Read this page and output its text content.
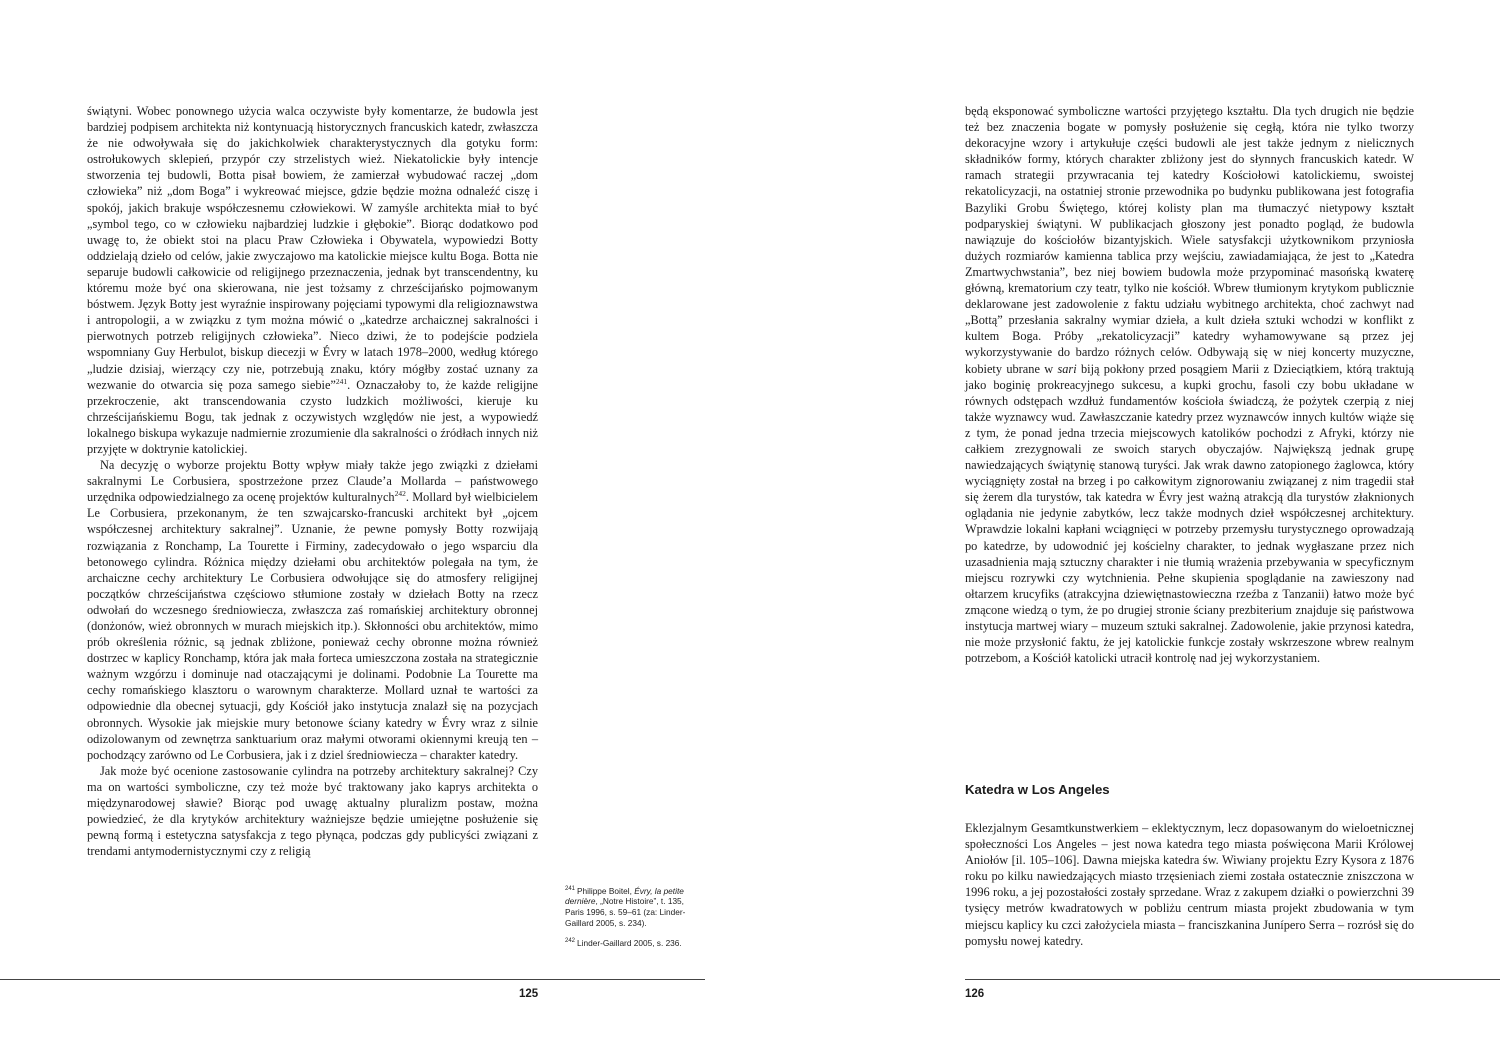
świątyni. Wobec ponownego użycia walca oczywiste były komentarze, że budowla jest bardziej podpisem architekta niż kontynuacją historycznych francuskich katedr, zwłaszcza że nie odwoływała się do jakichkolwiek charakterystycznych dla gotyku form: ostrołukowych sklepień, przypór czy strzelistych wież. Niekatolickie były intencje stworzenia tej budowli, Botta pisał bowiem, że zamierzał wybudować raczej „dom człowieka” niż „dom Boga” i wykreować miejsce, gdzie będzie można odnaleźć ciszę i spokój, jakich brakuje współczesnemu człowiekowi. W zamyśle architekta miał to być „symbol tego, co w człowieku najbardziej ludzkie i głębokie”. Biorąc dodatkowo pod uwagę to, że obiekt stoi na placu Praw Człowieka i Obywatela, wypowiedzi Botty oddzielają dzieło od celów, jakie zwyczajowo ma katolickie miejsce kultu Boga. Botta nie separuje budowli całkowicie od religijnego przeznaczenia, jednak byt transcendentny, ku któremu może być ona skierowana, nie jest tożsamy z chrześcijańsko pojmowanym bóstwem. Język Botty jest wyraźnie inspirowany pojęciami typowymi dla religioznawstwa i antropologii, a w związku z tym można mówić o „katedrze archaicznej sakralności i pierwotnych potrzeb religijnych człowieka”. Nieco dziwi, że to podejście podziela wspomniany Guy Herbulot, biskup diecezji w Évry w latach 1978–2000, według którego „ludzie dzisiaj, wierzący czy nie, potrzebują znaku, który mógłby zostać uznany za wezwanie do otwarcia się poza samego siebie”$^{241}$. Oznaczałoby to, że każde religijne przekroczenie, akt transcendowania czysto ludzkich możliwości, kieruje ku chrześcijańskiemu Bogu, tak jednak z oczywistych względów nie jest, a wypowiedź lokalnego biskupa wykazuje nadmiernie zrozumienie dla sakralności o źródłach innych niż przyjęte w doktrynie katolickiej.

Na decyzję o wyborze projektu Botty wpływ miały także jego związki z dziełami sakralnymi Le Corbusiera, spostrzeżone przez Claude’a Mollarda – państwowego urzędnika odpowiedzialnego za ocenę projektów kulturalnych$^{242}$. Mollard był wielbicielem Le Corbusiera, przekonanym, że ten szwajcarsko-francuski architekt był „ojcem współczesnej architektury sakralnej”. Uznanie, że pewne pomysły Botty rozwijają rozwiązania z Ronchamp, La Tourette i Firminy, zadecydowało o jego wsparciu dla betonowego cylindra. Różnica między dziełami obu architektów polegała na tym, że archaiczne cechy architektury Le Corbusiera odwołujące się do atmosfery religijnej początków chrześcijaństwa częściowo stłumione zostały w dziełach Botty na rzecz odwołań do wczesnego średniowiecza, zwłaszcza zaś romańskiej architektury obronnej (donżonów, wież obronnych w murach miejskich itp.). Skłonności obu architektów, mimo prób określenia różnic, są jednak zbliżone, ponieważ cechy obronne można również dostrzec w kaplicy Ronchamp, która jak mała forteca umieszczona została na strategicznie ważnym wzgórzu i dominuje nad otaczającymi je dolinami. Podobnie La Tourette ma cechy romańskiego klasztoru o warownym charakterze. Mollard uznał te wartości za odpowiednie dla obecnej sytuacji, gdy Kościół jako instytucja znalazł się na pozycjach obronnych. Wysokie jak miejskie mury betonowe ściany katedry w Évry wraz z silnie odizolowanym od zewnętrza sanktuarium oraz małymi otworami okiennymi kreują ten – pochodzący zarówno od Le Corbusiera, jak i z dziel średniowiecza – charakter katedry.

Jak może być ocenione zastosowanie cylindra na potrzeby architektury sakralnej? Czy ma on wartości symboliczne, czy też może być traktowany jako kaprys architekta o międzynarodowej sławie? Biorąc pod uwagę aktualny pluralizm postaw, można powiedzieć, że dla krytyków architektury ważniejsze będzie umiejętne posłużenie się pewną formą i estetyczna satysfakcja z tego płynąca, podczas gdy publicyści związani z trendami antymodernistycznymi czy z religią

$^{241}$ Philippe Boitel, Évry, la petite dernière, „Notre Histoire”, t. 135, Paris 1996, s. 59–61 (za: Linder-Gaillard 2005, s. 234).

$^{242}$ Linder-Gaillard 2005, s. 236.

125

będą eksponować symboliczne wartości przyjętego kształtu. Dla tych drugich nie będzie też bez znaczenia bogate w pomysły posłużenie się cegłą, która nie tylko tworzy dekoracyjne wzory i artykułuje części budowli ale jest także jednym z nielicznych składników formy, których charakter zbliżony jest do słynnych francuskich katedr. W ramach strategii przywracania tej katedry Kościołowi katolickiemu, swoistej rekatolicyzacji, na ostatniej stronie przewodnika po budynku publikowana jest fotografia Bazyliki Grobu Świętego, której kolisty plan ma tłumaczyć nietypowy kształt podparyskiej świątyni. W publikacjach głoszony jest ponadto pogląd, że budowla nawiązuje do kościołów bizantyjskich. Wiele satysfakcji użytkownikom przyniosła dużych rozmiarów kamienna tablica przy wejściu, zawiadamiająca, że jest to „Katedra Zmartwychwstania”, bez niej bowiem budowla może przypominać masońską kwaterę główną, krematorium czy teatr, tylko nie kościół. Wbrew tłumionym krytykom publicznie deklarowane jest zadowolenie z faktu udziału wybitnego architekta, choć zachwyt nad „Bottą” przesłania sakralny wymiar dzieła, a kult dzieła sztuki wchodzi w konflikt z kultem Boga. Próby „rekatolicyzacji” katedry wyhamowywane są przez jej wykorzystywanie do bardzo różnych celów. Odbywają się w niej koncerty muzyczne, kobiety ubrane w sari biją pokłony przed posągiem Marii z Dzieciątkiem, którą traktują jako boginię prokreacyjnego sukcesu, a kupki grochu, fasoli czy bobu układane w równych odstępach wzdłuż fundamentów kościoła świadczą, że pożytek czerpią z niej także wyznawcy wud. Zawłaszczanie katedry przez wyznawców innych kultów wiąże się z tym, że ponad jedna trzecia miejscowych katolików pochodzi z Afryki, którzy nie całkiem zrezygnowali ze swoich starych obyczajów. Największą jednak grupę nawiedzających świątynię stanową turyści. Jak wrak dawno zatopionego żaglowca, który wyciągnięty został na brzeg i po całkowitym zignorowaniu związanej z nim tragedii stał się żerem dla turystów, tak katedra w Évry jest ważną atrakcją dla turystów złaknionych oglądania nie jedynie zabytków, lecz także modnych dzieł współczesnej architektury. Wprawdzie lokalni kapłani wciągnięci w potrzeby przemysłu turystycznego oprowadzają po katedrze, by udowodnić jej kościelny charakter, to jednak wygłaszane przez nich uzasadnienia mają sztuczny charakter i nie tłumią wrażenia przebywania w specyficznym miejscu rozrywki czy wytchnienia. Pełne skupienia spoglądanie na zawieszony nad ołtarzem krucyfiks (atrakcyjna dziewiętnastowieczna rzeźba z Tanzanii) łatwo może być zmącone wiedzą o tym, że po drugiej stronie ściany prezbiterium znajduje się państwowa instytucja martwej wiary – muzeum sztuki sakralnej. Zadowolenie, jakie przynosi katedra, nie może przysłonić faktu, że jej katolickie funkcje zostały wskrzeszone wbrew realnym potrzebom, a Kościół katolicki utracił kontrolę nad jej wykorzystaniem.

Katedra w Los Angeles

Eklezjalnym Gesamtkunstwerkiem – eklektycznym, lecz dopasowanym do wieloetnicznej społeczności Los Angeles – jest nowa katedra tego miasta poświęcona Marii Królowej Aniołów [il. 105–106]. Dawna miejska katedra św. Wiwiany projektu Ezry Kysora z 1876 roku po kilku nawiedzających miasto trzęsieniach ziemi została ostatecznie zniszczona w 1996 roku, a jej pozostałości zostały sprzedane. Wraz z zakupem działki o powierzchni 39 tysięcy metrów kwadratowych w pobliżu centrum miasta projekt zbudowania w tym miejscu kaplicy ku czci założyciela miasta – franciszkanina Junípero Serra – rozrósł się do pomysłu nowej katedry.

126
